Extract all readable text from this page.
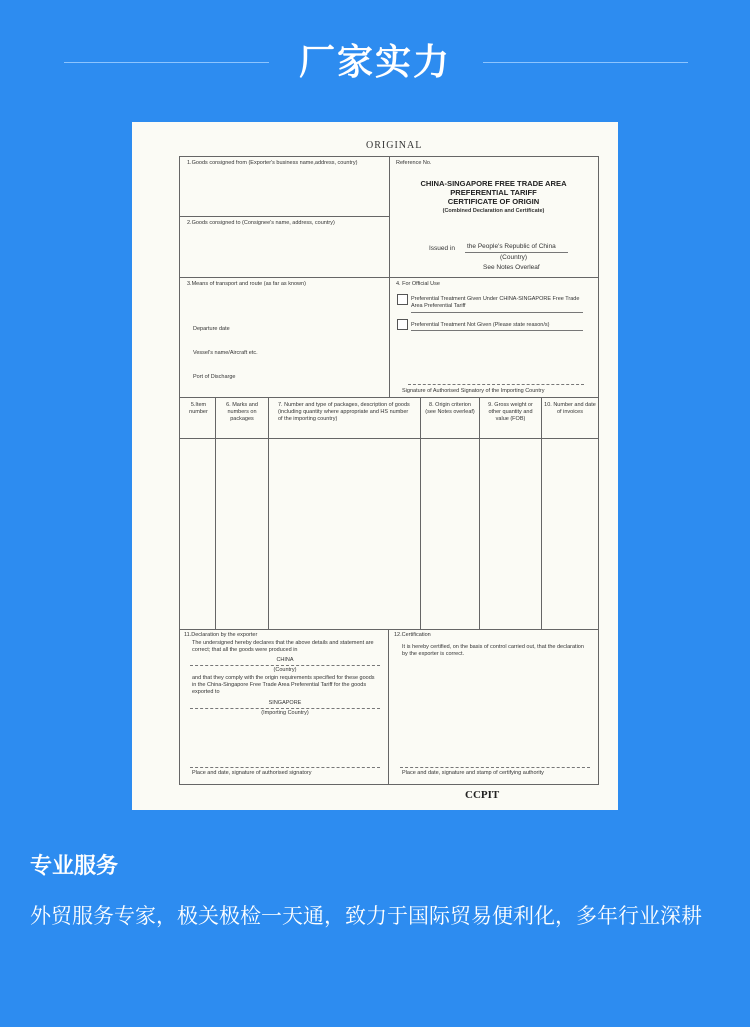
厂家实力
ORIGINAL
1.Goods consigned from (Exporter's business name,address, country)
2.Goods consigned to (Consignee's name, address, country)
3.Means of transport and route (as far as known)
Departure date
Vessel's name/Aircraft etc.
Port of Discharge
Reference No.
CHINA-SINGAPORE FREE TRADE AREA
PREFERENTIAL TARIFF
CERTIFICATE OF ORIGIN
(Combined Declaration and Certificate)
Issued in the People's Republic of China
(Country)
See Notes Overleaf
4. For Official Use
Preferential Treatment Given Under CHINA-SINGAPORE Free Trade Area Preferential Tariff
Preferential Treatment Not Given (Please state reason/s)
Signature of Authorised Signatory of the Importing Country
5.Item number
6. Marks and numbers on packages
7. Number and type of packages, description of goods (including quantity where appropriate and HS number of the importing country)
8. Origin criterion (see Notes overleaf)
9. Gross weight or other quantity and value (FOB)
10. Number and date of invoices
11.Declaration by the exporter
The undersigned hereby declares that the above details and statement are correct; that all the goods were produced in
CHINA
(Country)
and that they comply with the origin requirements specified for these goods in the China-Singapore Free Trade Area Preferential Tariff for the goods exported to
SINGAPORE
(Importing Country)
Place and date, signature of authorised signatory
12.Certification
It is hereby certified, on the basis of control carried out, that the declaration by the exporter is correct.
Place and date, signature and stamp of certifying authority
CCPIT
专业服务
外贸服务专家，极关极检一天通，致力于国际贸易便利化，多年行业深耕
